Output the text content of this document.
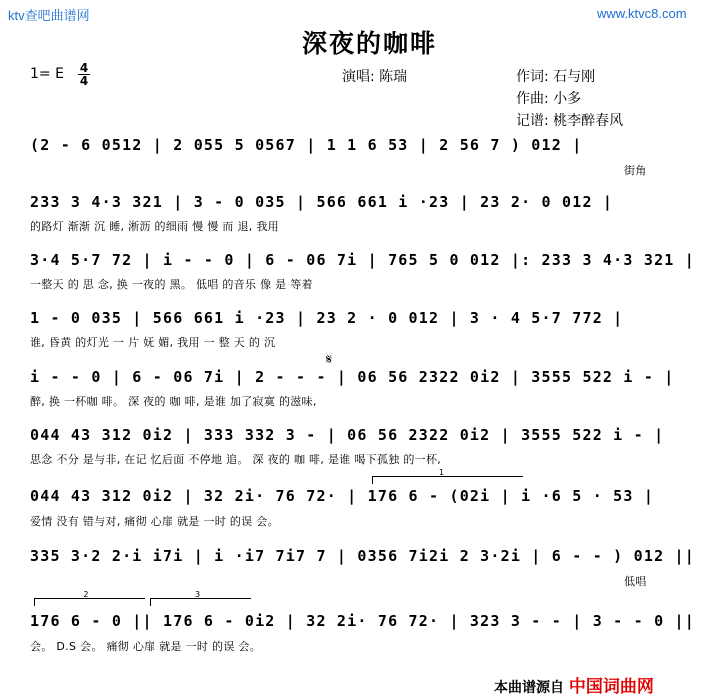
ktv查吧曲谱网	www.ktvc8.com
深夜的咖啡
1= E 4
4	演唱: 陈瑞	作词: 石与刚
作曲: 小多
记谱: 桃李醉春风
(2 - 6 0512 | 2 055 5 0567 | 1 1 6 53 | 2 56 7 ) 012 |
街角
233 3 4·3 321 | 3 - 0 035 | 566 661 i ·23 | 23 2· 0 012 |
的路灯 渐渐 沉 睡, 淅沥 的细雨 慢 慢 而 退, 我用
3·4 5·7 72 | i - - 0 | 6 - 06 7i | 765 5 0 012 |: 233 3 4·3 321 |
一整天 的 思 念, 换 一夜的 黑。 低唱 的音乐 像 是 等着
1 - 0 035 | 566 661 i ·23 | 23 2 · 0 012 | 3 · 4 5·7 772 |
谁, 昏黄 的灯光 一 片 妩 媚, 我用 一 整 天 的 沉
𝄋
i - - 0 | 6 - 06 7i | 2 - - - | 06 56 2322 0i2 | 3555 522 i - |
醉, 换 一杯咖 啡。 深 夜的 咖 啡, 是谁 加了寂寞 的滋味,
044 43 312 0i2 | 333 332 3 - | 06 56 2322 0i2 | 3555 522 i - |
思念 不分 是与非, 在记 忆后面 不停地 追。 深 夜的 咖 啡, 是谁 喝下孤独 的一杯,
1
044 43 312 0i2 | 32 2i· 76 72· | 176 6 - (02i | i ·6 5 · 53 |
爱情 没有 错与对, 痛彻 心扉 就是 一时 的误 会。
335 3·2 2·i i7i | i ·i7 7i7 7 | 0356 7i2i 2 3·2i | 6 - - ) 012 ||
低唱
2	3
176 6 - 0 || 176 6 - 0i2 | 32 2i· 76 72· | 323 3 - - | 3 - - 0 ||
会。 D.S 会。 痛彻 心扉 就是 一时 的误 会。
本曲谱源自 中国词曲网
